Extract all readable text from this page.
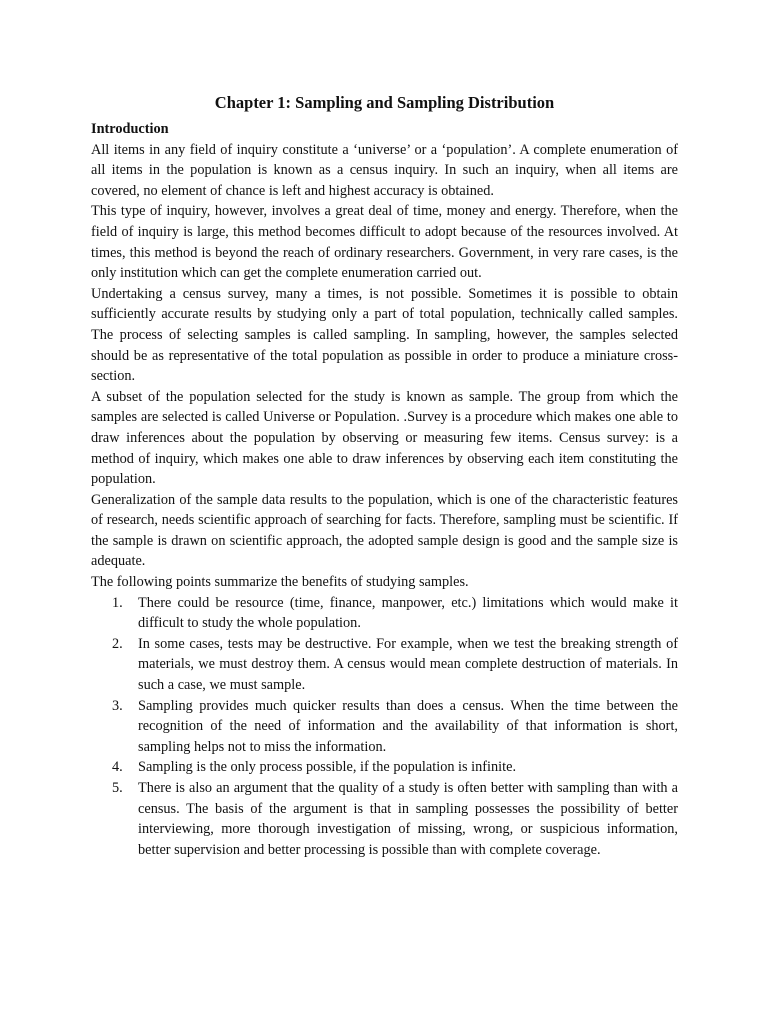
Chapter 1: Sampling and Sampling Distribution
Introduction

All items in any field of inquiry constitute a ‘universe’ or a ‘population’. A complete enumeration of all items in the population is known as a census inquiry. In such an inquiry, when all items are covered, no element of chance is left and highest accuracy is obtained.

This type of inquiry, however, involves a great deal of time, money and energy. Therefore, when the field of inquiry is large, this method becomes difficult to adopt because of the resources involved. At times, this method is beyond the reach of ordinary researchers. Government, in very rare cases, is the only institution which can get the complete enumeration carried out.

Undertaking a census survey, many a times, is not possible. Sometimes it is possible to obtain sufficiently accurate results by studying only a part of total population, technically called samples. The process of selecting samples is called sampling. In sampling, however, the samples selected should be as representative of the total population as possible in order to produce a miniature cross-section.

A subset of the population selected for the study is known as sample. The group from which the samples are selected is called Universe or Population. .Survey is a procedure which makes one able to draw inferences about the population by observing or measuring few items. Census survey: is a method of inquiry, which makes one able to draw inferences by observing each item constituting the population.

Generalization of the sample data results to the population, which is one of the characteristic features of research, needs scientific approach of searching for facts. Therefore, sampling must be scientific. If the sample is drawn on scientific approach, the adopted sample design is good and the sample size is adequate.

The following points summarize the benefits of studying samples.

1. There could be resource (time, finance, manpower, etc.) limitations which would make it difficult to study the whole population.
2. In some cases, tests may be destructive. For example, when we test the breaking strength of materials, we must destroy them. A census would mean complete destruction of materials. In such a case, we must sample.
3. Sampling provides much quicker results than does a census. When the time between the recognition of the need of information and the availability of that information is short, sampling helps not to miss the information.
4. Sampling is the only process possible, if the population is infinite.
5. There is also an argument that the quality of a study is often better with sampling than with a census. The basis of the argument is that in sampling possesses the possibility of better interviewing, more thorough investigation of missing, wrong, or suspicious information, better supervision and better processing is possible than with complete coverage.
